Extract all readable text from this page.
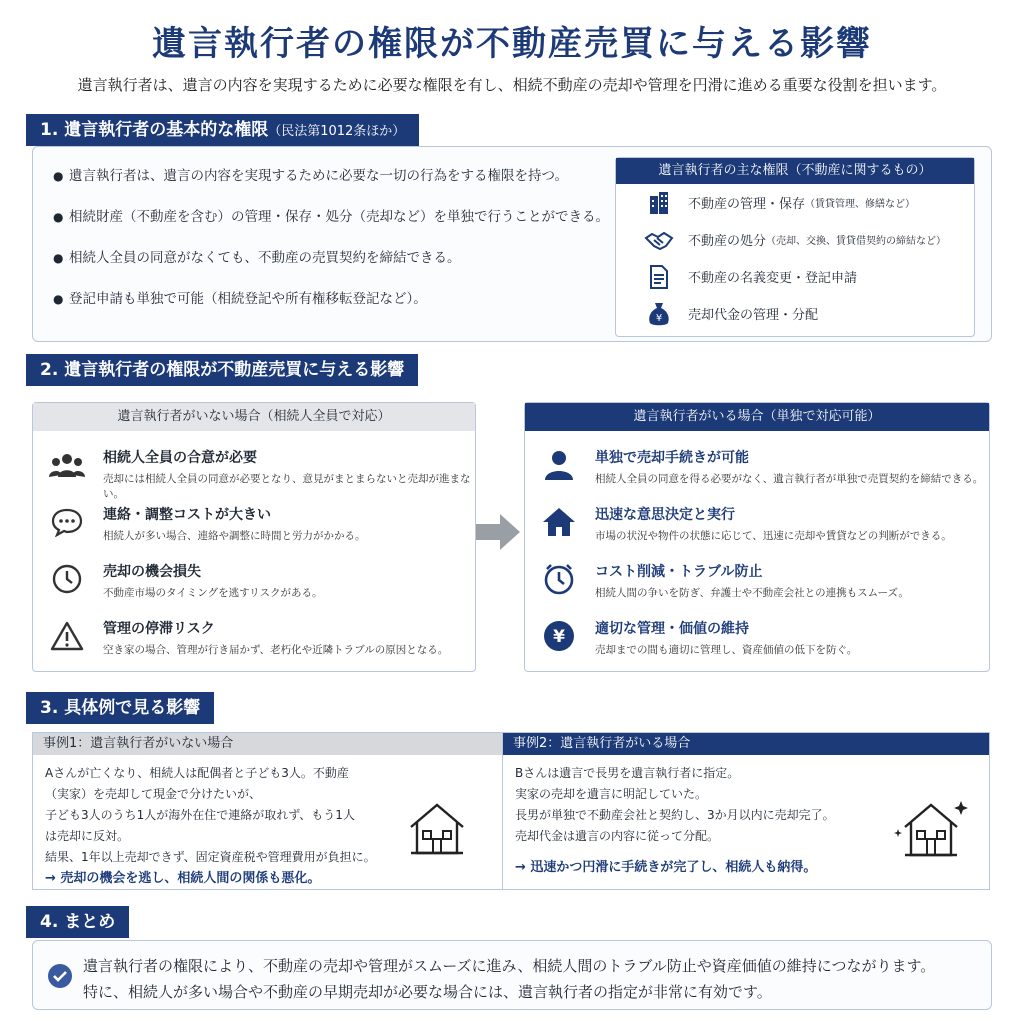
遺言執行者の権限が不動産売買に与える影響
遺言執行者は、遺言の内容を実現するために必要な権限を有し、相続不動産の売却や管理を円滑に進める重要な役割を担います。
1. 遺言執行者の基本的な権限（民法第1012条ほか）
● 遺言執行者は、遺言の内容を実現するために必要な一切の行為をする権限を持つ。
● 相続財産（不動産を含む）の管理・保存・処分（売却など）を単独で行うことができる。
● 相続人全員の同意がなくても、不動産の売買契約を締結できる。
● 登記申請も単独で可能（相続登記や所有権移転登記など）。
遺言執行者の主な権限（不動産に関するもの）
不動産の管理・保存 （賃貸管理、修繕など）
不動産の処分 （売却、交換、賃貸借契約の締結など）
不動産の名義変更・登記申請
¥ 売却代金の管理・分配
2. 遺言執行者の権限が不動産売買に与える影響
遺言執行者がいない場合（相続人全員で対応）
相続人全員の合意が必要
売却には相続人全員の同意が必要となり、意見がまとまらないと売却が進まない。
連絡・調整コストが大きい
相続人が多い場合、連絡や調整に時間と労力がかかる。
売却の機会損失
不動産市場のタイミングを逃すリスクがある。
管理の停滞リスク
空き家の場合、管理が行き届かず、老朽化や近隣トラブルの原因となる。
遺言執行者がいる場合（単独で対応可能）
単独で売却手続きが可能
相続人全員の同意を得る必要がなく、遺言執行者が単独で売買契約を締結できる。
迅速な意思決定と実行
市場の状況や物件の状態に応じて、迅速に売却や賃貸などの判断ができる。
コスト削減・トラブル防止
相続人間の争いを防ぎ、弁護士や不動産会社との連携もスムーズ。
¥ 適切な管理・価値の維持
売却までの間も適切に管理し、資産価値の低下を防ぐ。
3. 具体例で見る影響
事例1：遺言執行者がいない場合
Aさんが亡くなり、相続人は配偶者と子ども3人。不動産
（実家）を売却して現金で分けたいが、
子ども3人のうち1人が海外在住で連絡が取れず、もう1人
は売却に反対。
結果、1年以上売却できず、固定資産税や管理費用が負担に。
→ 売却の機会を逃し、相続人間の関係も悪化。
事例2：遺言執行者がいる場合
Bさんは遺言で長男を遺言執行者に指定。
実家の売却を遺言に明記していた。
長男が単独で不動産会社と契約し、3か月以内に売却完了。
売却代金は遺言の内容に従って分配。
→ 迅速かつ円滑に手続きが完了し、相続人も納得。
4. まとめ
遺言執行者の権限により、不動産の売却や管理がスムーズに進み、相続人間のトラブル防止や資産価値の維持につながります。
特に、相続人が多い場合や不動産の早期売却が必要な場合には、遺言執行者の指定が非常に有効です。
